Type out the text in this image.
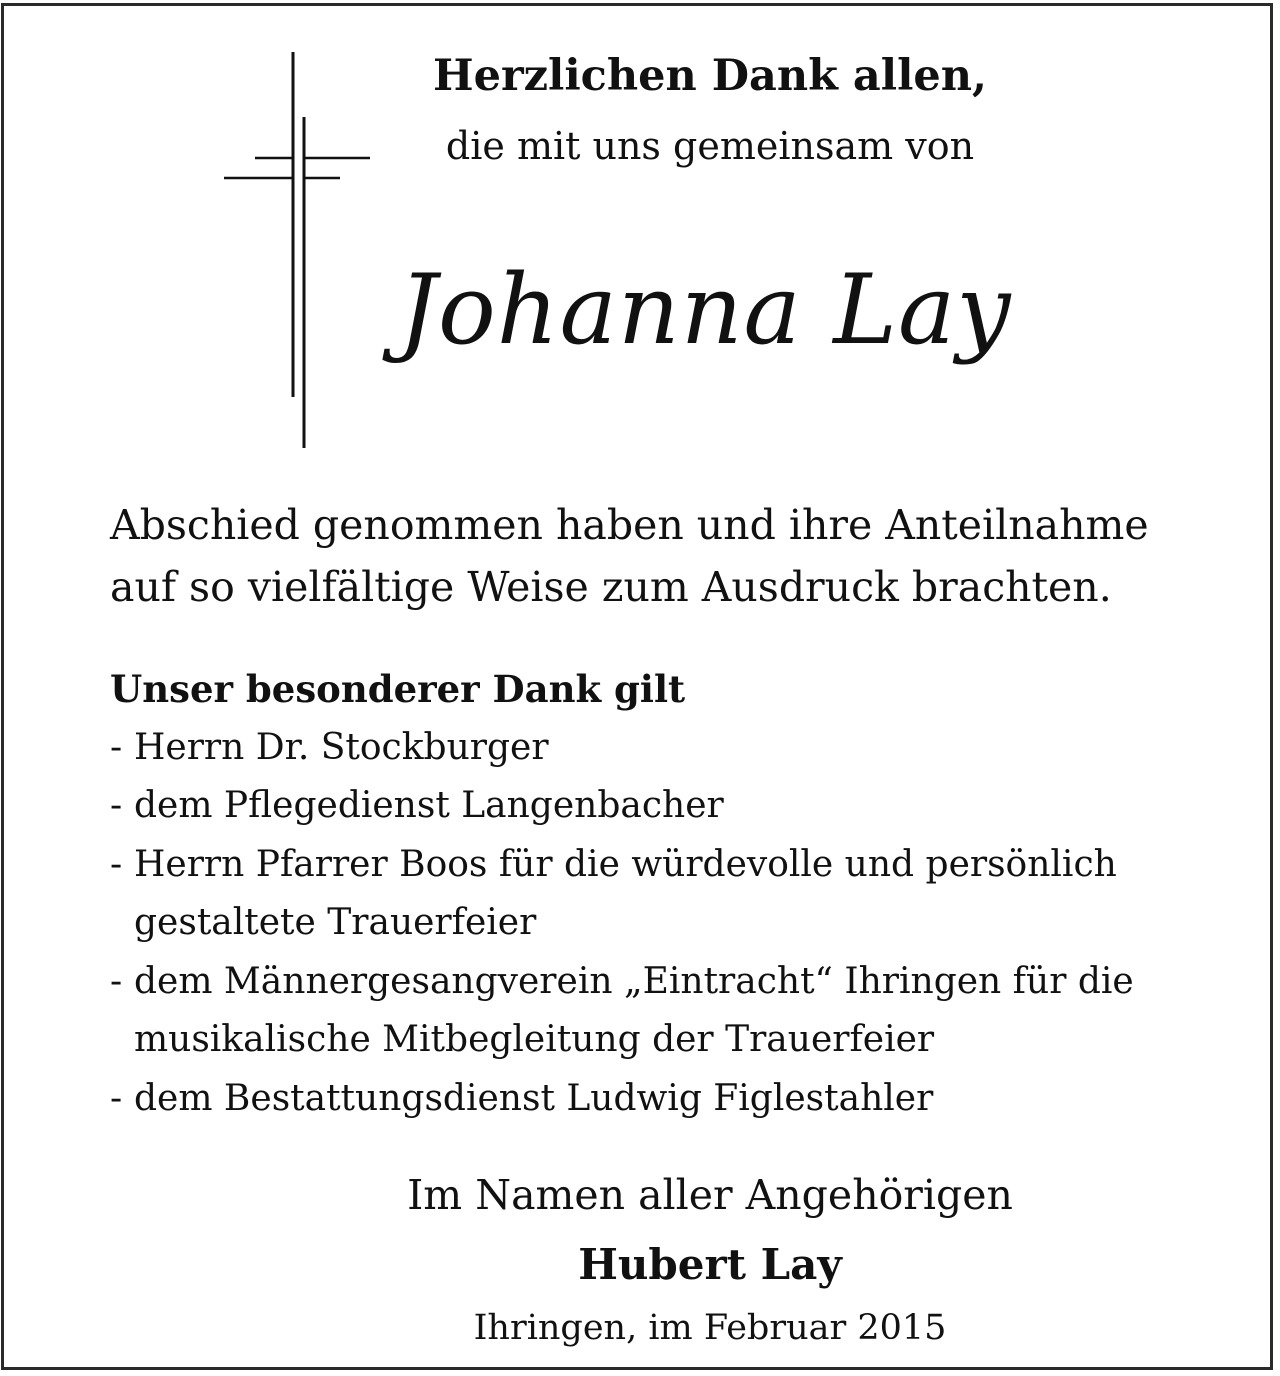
Herzlichen Dank allen,
die mit uns gemeinsam von
Johanna Lay
Abschied genommen haben und ihre Anteilnahme
auf so vielfältige Weise zum Ausdruck brachten.
Unser besonderer Dank gilt
- Herrn Dr. Stockburger
- dem Pflegedienst Langenbacher
- Herrn Pfarrer Boos für die würdevolle und persönlich
gestaltete Trauerfeier
- dem Männergesangverein „Eintracht“ Ihringen für die
musikalische Mitbegleitung der Trauerfeier
- dem Bestattungsdienst Ludwig Figlestahler
Im Namen aller Angehörigen
Hubert Lay
Ihringen, im Februar 2015
